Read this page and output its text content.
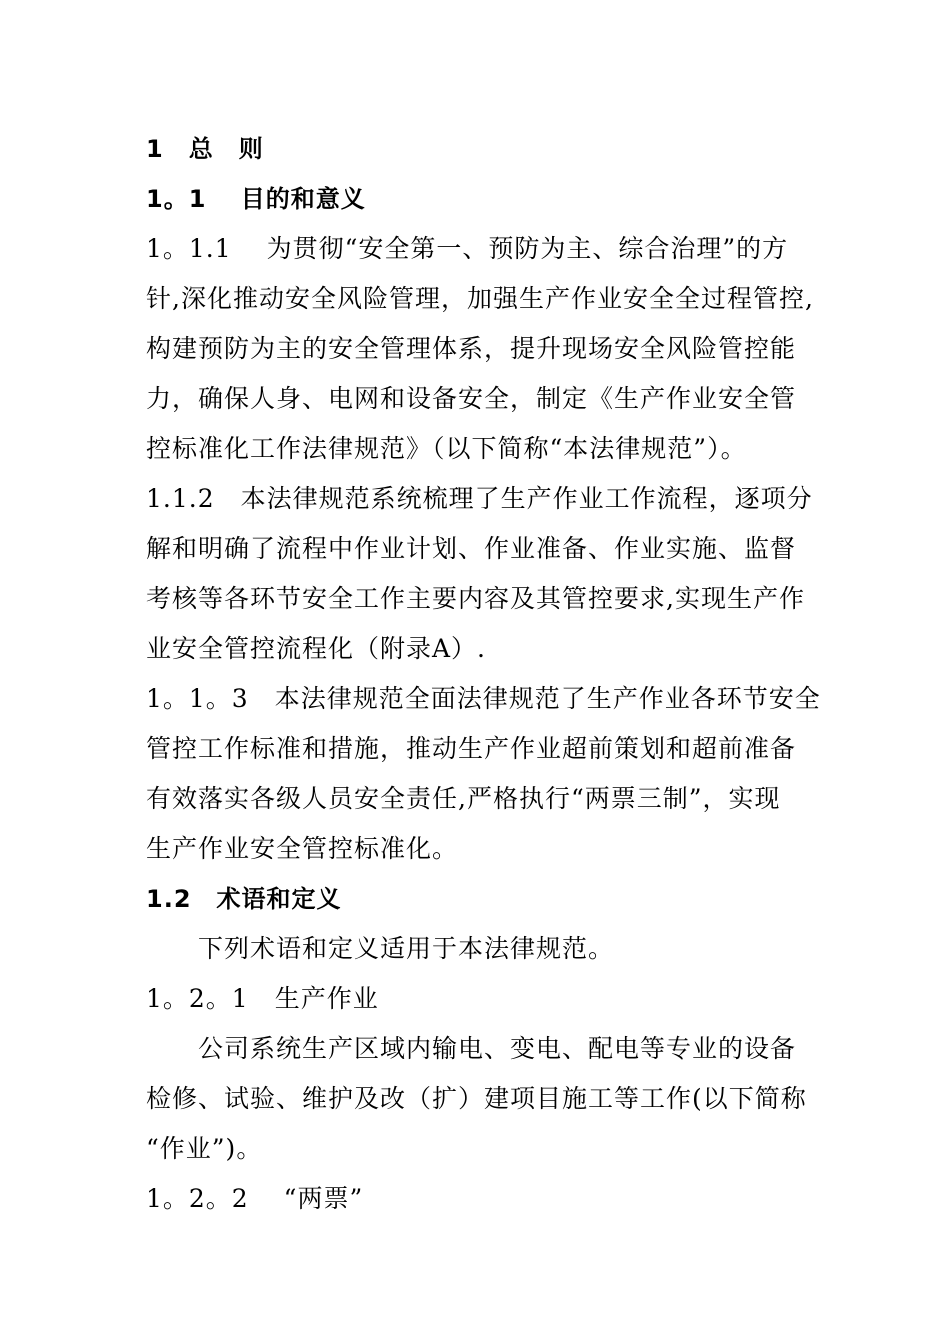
1　总　则
1。1　 目的和意义
1。1.1　 为贯彻“安全第一、预防为主、综合治理”的方
针,深化推动安全风险管理，加强生产作业安全全过程管控,
构建预防为主的安全管理体系，提升现场安全风险管控能
力，确保人身、电网和设备安全，制定《生产作业安全管
控标准化工作法律规范》（以下简称“本法律规范”）。
1.1.2　本法律规范系统梳理了生产作业工作流程，逐项分
解和明确了流程中作业计划、作业准备、作业实施、监督
考核等各环节安全工作主要内容及其管控要求,实现生产作
业安全管控流程化（附录A）.
1。1。3　本法律规范全面法律规范了生产作业各环节安全
管控工作标准和措施，推动生产作业超前策划和超前准备
有效落实各级人员安全责任,严格执行“两票三制”，实现
生产作业安全管控标准化。
1.2　术语和定义
下列术语和定义适用于本法律规范。
1。2。1　生产作业
公司系统生产区域内输电、变电、配电等专业的设备
检修、试验、维护及改（扩）建项目施工等工作(以下简称
“作业”)。
1。2。2　 “两票”
